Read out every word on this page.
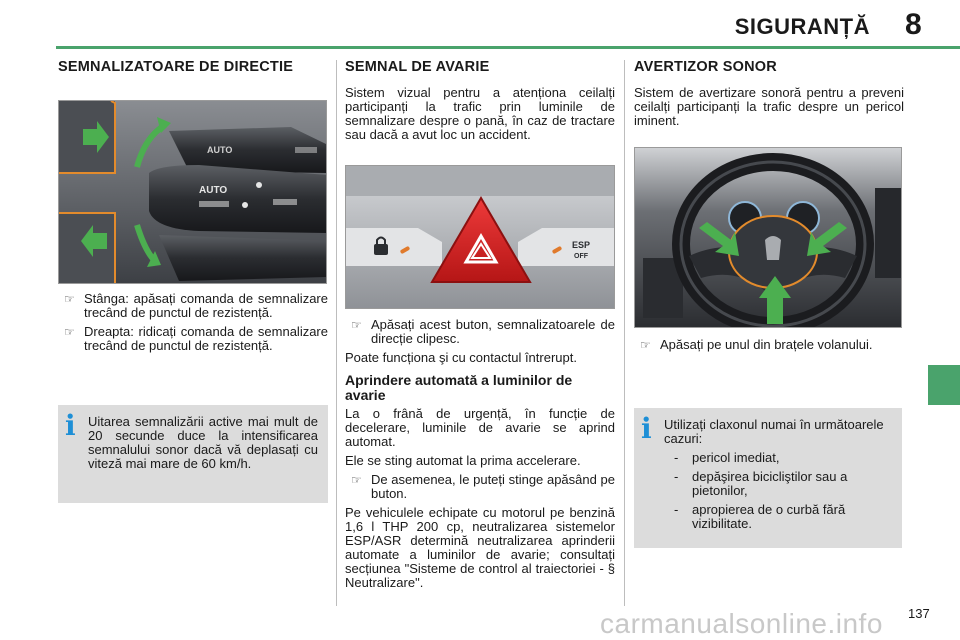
SIGURANȚĂ 8
SEMNALIZATOARE DE DIRECTIE
AUTO
AUTO
☞ Stânga: apăsați comanda de semnalizare trecând de punctul de rezistență.
☞ Dreapta: ridicați comanda de semnalizare trecând de punctul de rezistență.
i Uitarea semnalizării active mai mult de 20 secunde duce la intensificarea semnalului sonor dacă vă deplasați cu viteză mai mare de 60 km/h.

SEMNAL DE AVARIE

Sistem vizual pentru a atenționa ceilalți participanți la trafic prin luminile de semnalizare despre o pană, în caz de tractare sau dacă a avut loc un accident.

ESP
OFF
☞ Apăsați acest buton, semnalizatoarele de direcție clipesc.

Poate funcționa şi cu contactul întrerupt.

Aprindere automată a luminilor de avarie

La o frână de urgență, în funcție de decelerare, luminile de avarie se aprind automat.

Ele se sting automat la prima accelerare.

☞ De asemenea, le puteți stinge apăsând pe buton.

Pe vehiculele echipate cu motorul pe benzină 1,6 l THP 200 cp, neutralizarea sistemelor ESP/ASR determină neutralizarea aprinderii automate a luminilor de avarie; consultați secțiunea "Sisteme de control al traiectoriei - § Neutralizare".

AVERTIZOR SONOR

Sistem de avertizare sonoră pentru a preveni ceilalți participanți la trafic despre un pericol iminent.

☞ Apăsați pe unul din brațele volanului.
i Utilizați claxonul numai în următoarele cazuri:

- pericol imediat,
- depăşirea bicicliştilor sau a pietonilor,
- apropierea de o curbă fără vizibilitate.
carmanualsonline.info 137
